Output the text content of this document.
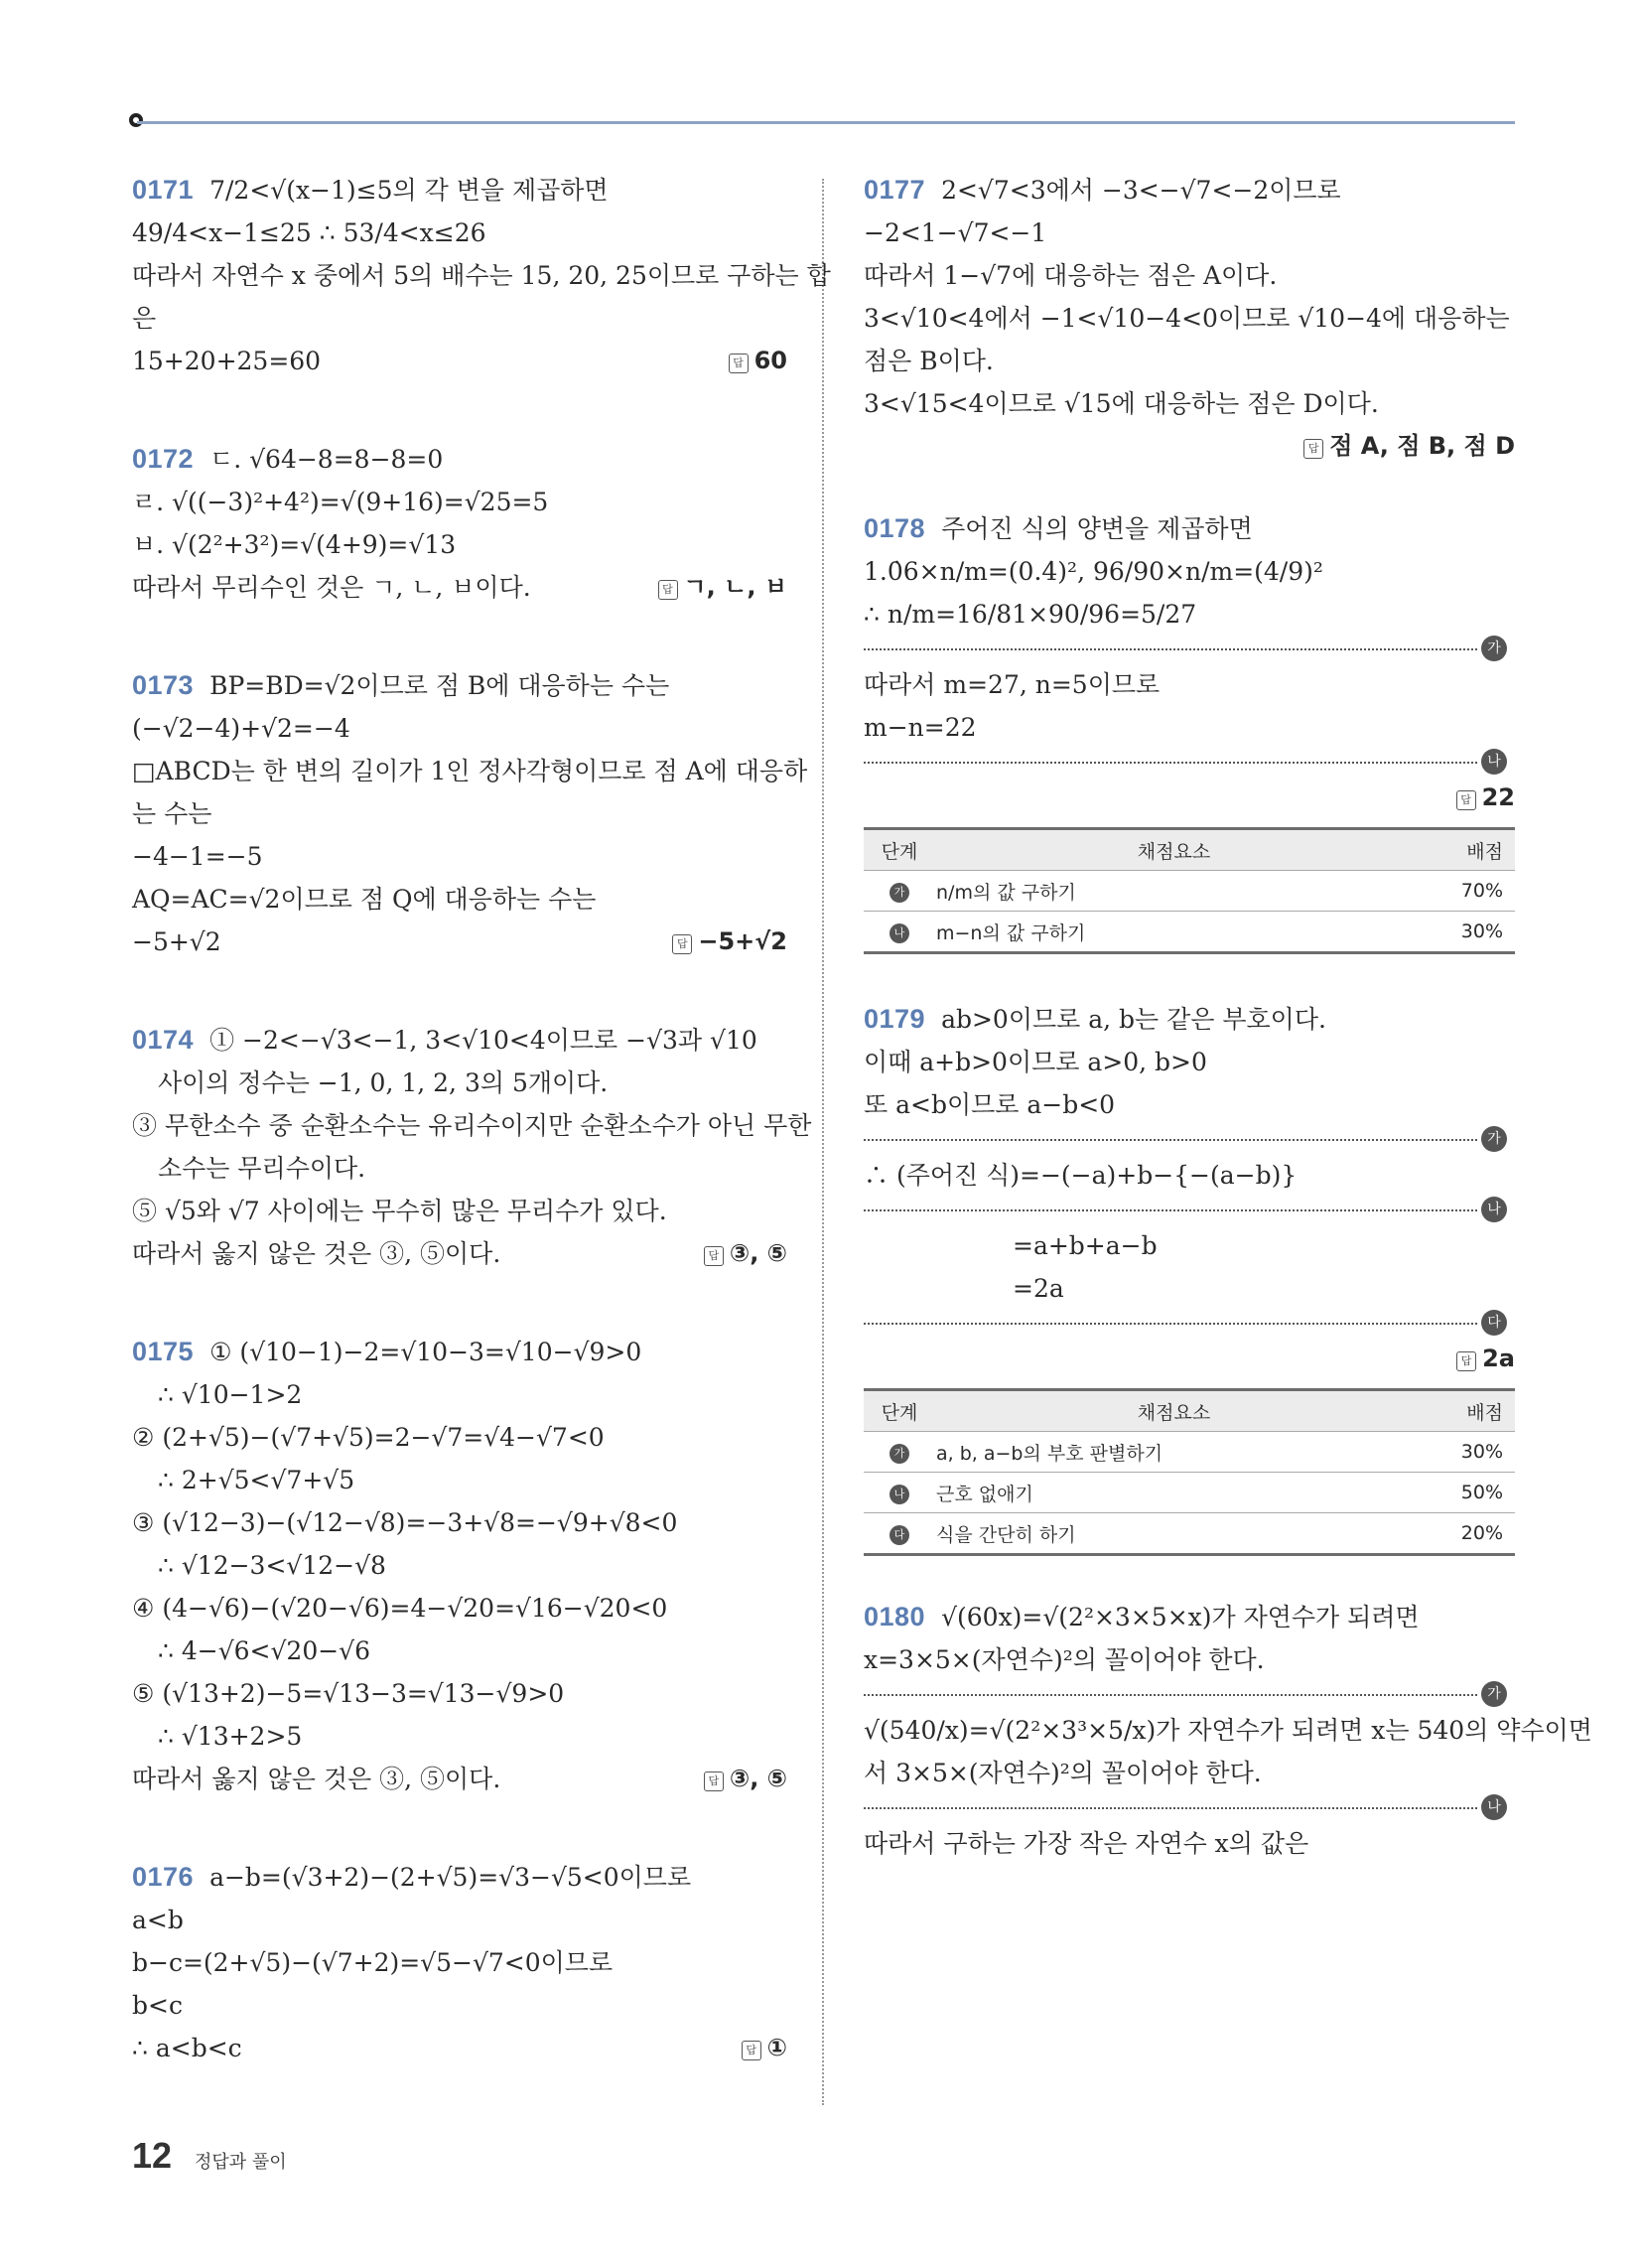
0171 7/2<√(x−1)≤5의 각 변을 제곱하면
49/4<x−1≤25 ∴ 53/4<x≤26
따라서 자연수 x 중에서 5의 배수는 15, 20, 25이므로 구하는 합
은
15+20+25=60	답 60
0172 ㄷ. √64−8=8−8=0
ㄹ. √((−3)²+4²)=√(9+16)=√25=5
ㅂ. √(2²+3²)=√(4+9)=√13
따라서 무리수인 것은 ㄱ, ㄴ, ㅂ이다.	답 ㄱ, ㄴ, ㅂ
0173 BP=BD=√2이므로 점 B에 대응하는 수는
(−√2−4)+√2=−4
□ABCD는 한 변의 길이가 1인 정사각형이므로 점 A에 대응하
는 수는
−4−1=−5
AQ=AC=√2이므로 점 Q에 대응하는 수는
−5+√2	답 −5+√2
0174 ① −2<−√3<−1, 3<√10<4이므로 −√3과 √10
사이의 정수는 −1, 0, 1, 2, 3의 5개이다.
③ 무한소수 중 순환소수는 유리수이지만 순환소수가 아닌 무한
소수는 무리수이다.
⑤ √5와 √7 사이에는 무수히 많은 무리수가 있다.
따라서 옳지 않은 것은 ③, ⑤이다.	답 ③, ⑤
0175 ① (√10−1)−2=√10−3=√10−√9>0
∴ √10−1>2
② (2+√5)−(√7+√5)=2−√7=√4−√7<0
∴ 2+√5<√7+√5
③ (√12−3)−(√12−√8)=−3+√8=−√9+√8<0
∴ √12−3<√12−√8
④ (4−√6)−(√20−√6)=4−√20=√16−√20<0
∴ 4−√6<√20−√6
⑤ (√13+2)−5=√13−3=√13−√9>0
∴ √13+2>5
따라서 옳지 않은 것은 ③, ⑤이다.	답 ③, ⑤
0176 a−b=(√3+2)−(2+√5)=√3−√5<0이므로
a<b
b−c=(2+√5)−(√7+2)=√5−√7<0이므로
b<c
∴ a<b<c	답 ①
0177 2<√7<3에서 −3<−√7<−2이므로
−2<1−√7<−1
따라서 1−√7에 대응하는 점은 A이다.
3<√10<4에서 −1<√10−4<0이므로 √10−4에 대응하는
점은 B이다.
3<√15<4이므로 √15에 대응하는 점은 D이다.
답 점 A, 점 B, 점 D
0178 주어진 식의 양변을 제곱하면
1.0̇6×n/m=(0.4̇)², 96/90×n/m=(4/9)²
∴ n/m=16/81×90/96=5/27
가
따라서 m=27, n=5이므로
m−n=22
나
답 22
단계	채점요소	배점
가	n/m의 값 구하기	70%
나	m−n의 값 구하기	30%
0179 ab>0이므로 a, b는 같은 부호이다.
이때 a+b>0이므로 a>0, b>0
또 a<b이므로 a−b<0
가
∴ (주어진 식)=−(−a)+b−{−(a−b)}
나
=a+b+a−b
=2a
다
답 2a
단계	채점요소	배점
가	a, b, a−b의 부호 판별하기	30%
나	근호 없애기	50%
다	식을 간단히 하기	20%
0180 √(60x)=√(2²×3×5×x)가 자연수가 되려면
x=3×5×(자연수)²의 꼴이어야 한다.
가
√(540/x)=√(2²×3³×5/x)가 자연수가 되려면 x는 540의 약수이면
서 3×5×(자연수)²의 꼴이어야 한다.
나
따라서 구하는 가장 작은 자연수 x의 값은
12 정답과 풀이
